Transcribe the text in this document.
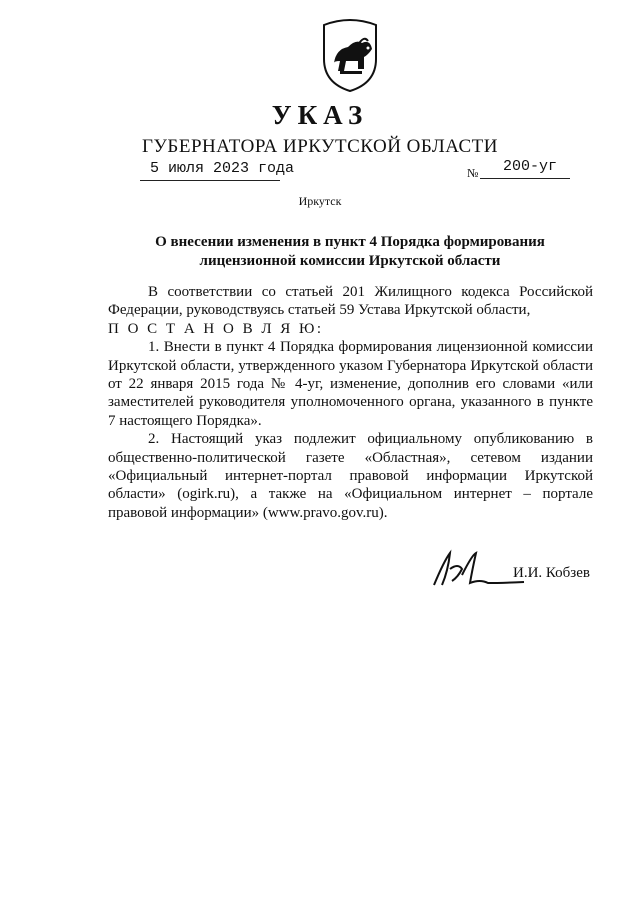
УКАЗ
ГУБЕРНАТОРА ИРКУТСКОЙ ОБЛАСТИ
5 июля 2023 года	№ 200-уг
Иркутск
О внесении изменения в пункт 4 Порядка формирования
лицензионной комиссии Иркутской области

В соответствии со статьей 201 Жилищного кодекса Российской Федерации, руководствуясь статьей 59 Устава Иркутской области,

П О С Т А Н О В Л Я Ю:

1. Внести в пункт 4 Порядка формирования лицензионной комиссии Иркутской области, утвержденного указом Губернатора Иркутской области от 22 января 2015 года № 4-уг, изменение, дополнив его словами «или заместителей руководителя уполномоченного органа, указанного в пункте 7 настоящего Порядка».

2. Настоящий указ подлежит официальному опубликованию в общественно-политической газете «Областная», сетевом издании «Официальный интернет-портал правовой информации Иркутской области» (ogirk.ru), а также на «Официальном интернет – портале правовой информации» (www.pravo.gov.ru).

И.И. Кобзев
